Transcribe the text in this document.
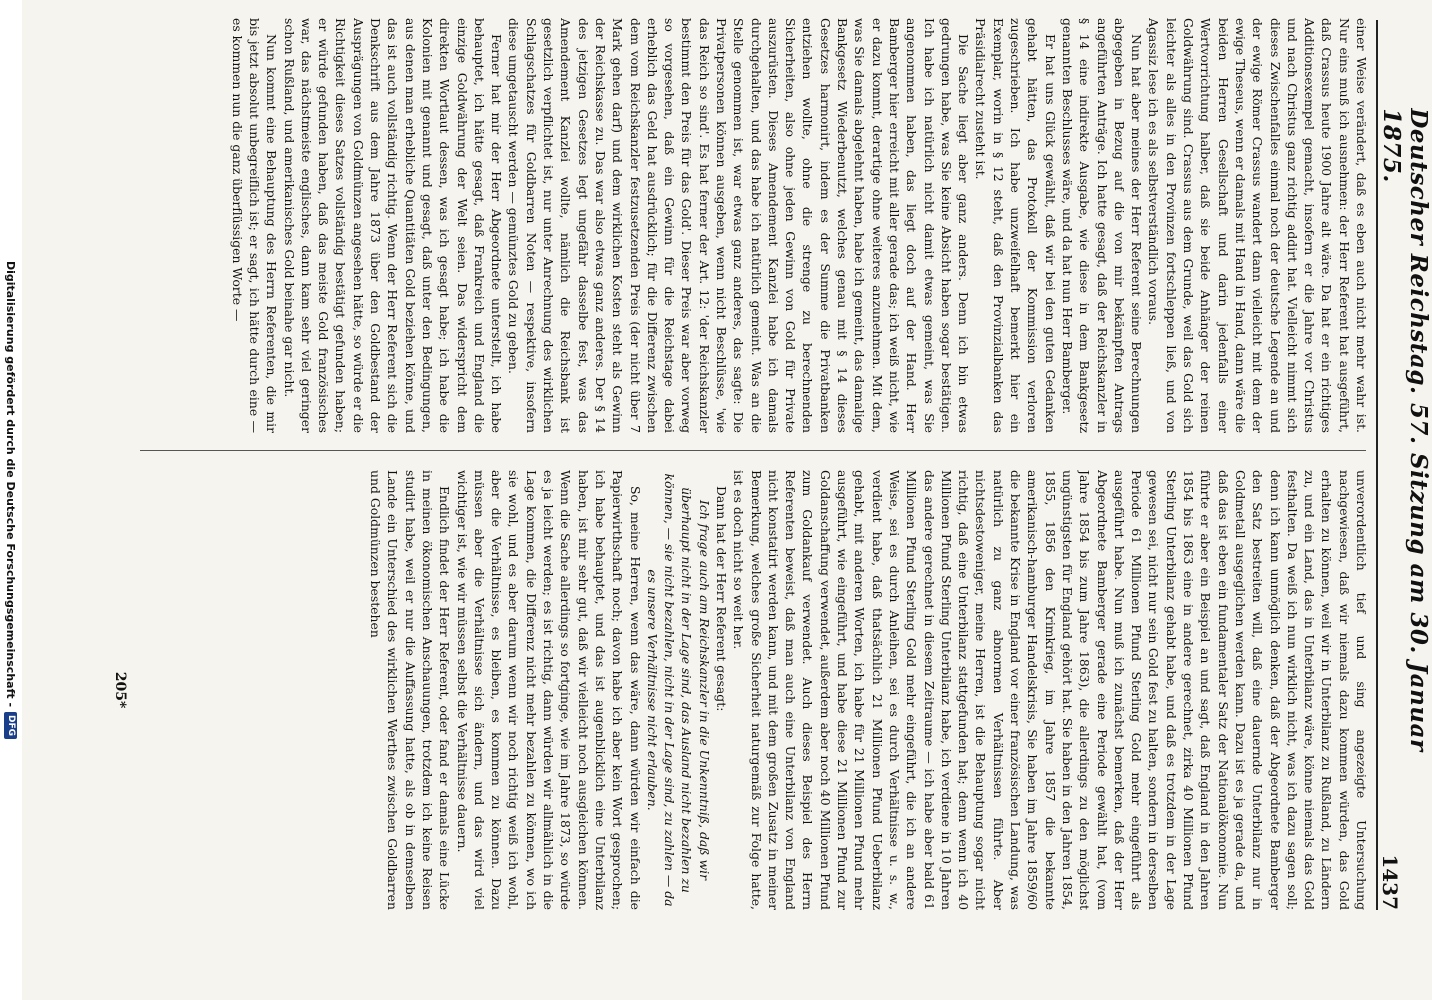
Deutscher Reichstag. 57. Sitzung am 30. Januar 1875.
1437

einer Weise verändert, daß es eben auch nicht mehr wahr ist. Nur eins muß ich ausnehmen: der Herr Referent hat ausgeführt, daß Crassus heute 1900 Jahre alt wäre. Da hat er ein richtiges Additionsexempel gemacht, insofern er die Jahre vor Christus und nach Christus ganz richtig addirt hat. Vielleicht nimmt sich dieses Zwischenfalles einmal noch der deutsche Legende an und der ewige Römer Crassus wandert dann vielleicht mit dem der ewige Theseus, wenn er damals mit Hand in Hand, dann wäre die beiden Herren Gesellschaft und darin jedenfalls einer Wertvorrichtung halber, daß sie beide Anhänger der reinen Goldwährung sind. Crassus aus dem Grunde, weil das Gold sich leichter als alles in den Provinzen fortschleppen ließ, und von Agassiz lese ich es als selbstverständlich voraus.

Nun hat aber meines der Herr Referent seine Berechnungen abgegeben in Bezug auf die von mir bekämpften Antrags angeführten Anträge. Ich hatte gesagt, daß der Reichskanzler in § 14 eine indirekte Ausgabe, wie diese in dem Bankgesetz genannten Beschlusses wäre, und da hat nun Herr Bamberger.

Er hat uns Glück gewählt, daß wir bei den guten Gedanken gehabt hätten, das Protokoll der Kommission verloren zugeschrieben. Ich habe unzweifelhaft bemerkt hier ein Exemplar, worin in § 12 steht, daß den Provinzialbanken das Präsidialrecht zusteht ist.

Die Sache liegt aber ganz anders. Denn ich bin etwas gedrungen habe, was Sie keine Absicht haben sogar bestätigen. Ich habe ich natürlich nicht damit etwas gemeint, was Sie angenommen haben, das liegt doch auf der Hand. Herr Bamberger hier erreicht mit aller gerade das; ich weiß nicht, wie er dazu kommt, derartige ohne weiteres anzunehmen. Mit dem, was Sie damals abgelehnt haben, habe ich gemeint, das damalige Bankgesetz Wiederbenutzt, welches genau mit § 14 dieses Gesetzes harmonirt, indem es der Summe die Privatbanken entziehen wollte, ohne die strenge zu berechnenden Sicherheiten, also ohne jeden Gewinn von Gold für Private auszurüsten. Dieses Amendement Kanzlei habe ich damals durchgehalten, und das habe ich natürlich gemeint. Was an die Stelle genommen ist, war etwas ganz anderes, das sagte: Die Privatpersonen können ausgeben, wenn nicht Beschlüsse, 'wie das Reich so sind'. Es hat ferner der Art. 12: 'der Reichskanzler bestimmt den Preis für das Gold'. Dieser Preis war aber vorweg so vorgesehen, daß ein Gewinn für die Reichstage dabei erheblich das Geld hat ausdrücklich; für die Differenz zwischen dem vom Reichskanzler festzusetzenden Preis (der nicht über 7 Mark gehen darf) und dem wirklichen Kosten steht als Gewinn der Reichskasse zu. Das war also etwas ganz anderes. Der § 14 des jetzigen Gesetzes legt ungefähr dasselbe fest, was das Amendement Kanzlei wollte, nämlich die Reichsbank ist gesetzlich verpflichtet ist, nur unter Anrechnung des wirklichen Schlagschatzes für Goldbarren Noten — respektive, insofern diese umgetauscht werden — gemünztes Gold zu geben.

Ferner hat mir der Herr Abgeordnete unterstellt, ich habe behauptet, ich hätte gesagt, daß Frankreich und England die einzige Goldwährung der Welt seien. Das widerspricht dem direkten Wortlaut dessen, was ich gesagt habe; ich habe die Kolonien mit genannt und gesagt, daß unter den Bedingungen, aus denen man erhebliche Quantitäten Gold beziehen könne, und das ist auch vollständig richtig. Wenn der Herr Referent sich die Denkschrift aus dem Jahre 1873 über den Goldbestand der Ausprägungen von Goldmünzen angesehen hätte, so würde er die Richtigkeit dieses Satzes vollständig bestätigt gefunden haben; er würde gefunden haben, daß das meiste Gold französisches war, das nächstmeiste englisches, dann kam sehr viel geringer schon Rußland, und amerikanisches Gold beinahe gar nicht.

Nun kommt eine Behauptung des Herrn Referenten, die mir bis jetzt absolut unbegreiflich ist; er sagt, ich hätte durch eine — es kommen nun die ganz überflüssigen Worte —

unverordentlich tief und sing angezeigte Untersuchung nachgewiesen, daß wir niemals dazu kommen würden, das Gold erhalten zu können, weil wir in Unterbilanz zu Rußland, zu Ländern zu, und ein Land, das in Unterbilanz wäre, könne niemals das Gold festhalten. Da weiß ich nun wirklich nicht, was ich dazu sagen soll; denn ich kann unmöglich denken, daß der Abgeordnete Bamberger den Satz bestreiten will, daß eine dauernde Unterbilanz nur in Goldmetall ausgeglichen werden kann. Dazu ist es ja gerade da, und daß das ist eben ein fundamentaler Satz der Nationalökonomie. Nun führte er aber ein Beispiel an und sagt, daß England in den Jahren 1854 bis 1863 eine in andere gerechnet, zirka 40 Millionen Pfund Sterling Unterbilanz gehabt habe, und daß es trotzdem in der Lage gewesen sei, nicht nur sein Gold fest zu halten, sondern in derselben Periode 61 Millionen Pfund Sterling Gold mehr eingeführt als ausgeführt habe. Nun muß ich zunächst bemerken, daß der Herr Abgeordnete Bamberger gerade eine Periode gewählt hat, (vom Jahre 1854 bis zum Jahre 1863), die allerdings zu den möglichst ungünstigsten für England gehört hat. Sie haben in den Jahren 1854, 1855, 1856 den Krimkrieg, im Jahre 1857 die bekannte amerikanisch-hamburger Handelskrisis, Sie haben im Jahre 1859/60 die bekannte Krise in England vor einer französischen Landung, was natürlich zu ganz abnormen Verhältnissen führte. Aber nichtsdestoweniger, meine Herren, ist die Behauptung sogar nicht richtig, daß eine Unterbilanz stattgefunden hat; denn wenn ich 40 Millionen Pfund Sterling Unterbilanz habe, ich verdiene in 10 Jahren das andere gerechnet in diesem Zeitraume — ich habe aber bald 61 Millionen Pfund Sterling Gold mehr eingeführt, die ich an andere Weise, sei es durch Anleihen, sei es durch Verhältnisse u. s. w., verdient habe, daß thatsächlich 21 Millionen Pfund Ueberbilanz gehabt, mit anderen Worten, ich habe für 21 Millionen Pfund mehr ausgeführt, wie eingeführt, und habe diese 21 Millionen Pfund zur Goldanschaffung verwendet, außerdem aber noch 40 Millionen Pfund zum Goldankauf verwendet. Auch dieses Beispiel des Herrn Referenten beweist, daß man auch eine Unterbilanz von England nicht konstatirt werden kann, und mit dem großen Zusatz in meiner Bemerkung, welches große Sicherheit naturgemäß zur Folge hatte, ist es doch nicht so weit her.

Dann hat der Herr Referent gesagt:

Ich frage auch am Reichskanzler in die Unkenntniß, daß wir überhaupt nicht in der Lage sind, das Ausland nicht bezahlen zu können, — sie nicht bezahlen, nicht in der Lage sind, zu zahlen — da es unsere Verhältnisse nicht erlauben.

So, meine Herren, wenn das wäre, dann würden wir einfach die Papierwirthschaft noch; davon habe ich aber kein Wort gesprochen; ich habe behauptet, und das ist augenblicklich eine Unterbilanz haben, ist mir sehr gut, daß wir vielleicht noch ausgleichen können. Wenn die Sache allerdings so fortginge, wie im Jahre 1873, so würde es ja leicht werden; es ist richtig, dann würden wir allmählich in die Lage kommen, die Differenz nicht mehr bezahlen zu können, wo ich sie wohl, und es aber darum wenn wir noch richtig weiß ich wohl, aber die Verhältnisse, es bleiben, es kommen zu können. Dazu müssen aber die Verhältnisse sich ändern, und das wird viel wichtiger ist, wie wir müssen selbst die Verhältnisse dauern.

Endlich findet der Herr Referent, oder fand er damals eine Lücke in meinen ökonomischen Anschauungen, trotzdem ich keine Reisen studirt habe, weil er nur die Auffassung hatte, als ob in demselben Lande ein Unterschied des wirklichen Werthes zwischen Goldbarren und Goldmünzen bestehen

205*
Digitalisierung gefördert durch die Deutsche Forschungsgemeinschaft -
DFG
